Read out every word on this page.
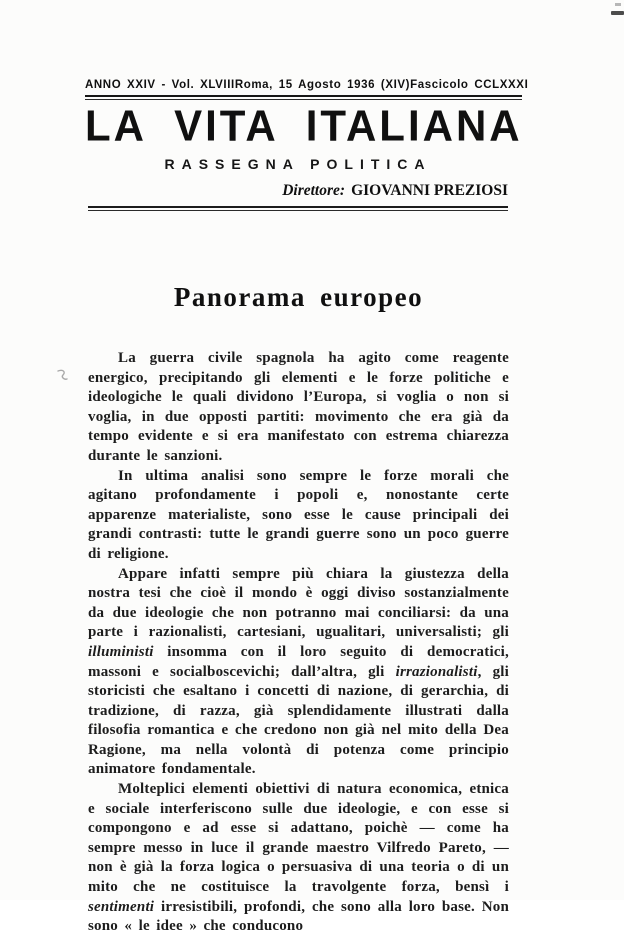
ANNO XXIV - Vol. XLVIII Roma, 15 Agosto 1936 (XIV) Fascicolo CCLXXXI
LA VITA ITALIANA
RASSEGNA POLITICA
Direttore: GIOVANNI PREZIOSI
Panorama europeo

La guerra civile spagnola ha agito come reagente energico, precipitando gli elementi e le forze politiche e ideologiche le quali dividono l’Europa, si voglia o non si voglia, in due opposti partiti: movimento che era già da tempo evidente e si era manifestato con estrema chiarezza durante le sanzioni.

In ultima analisi sono sempre le forze morali che agitano profondamente i popoli e, nonostante certe apparenze materialiste, sono esse le cause principali dei grandi contrasti: tutte le grandi guerre sono un poco guerre di religione.

Appare infatti sempre più chiara la giustezza della nostra tesi che cioè il mondo è oggi diviso sostanzialmente da due ideologie che non potranno mai conciliarsi: da una parte i razionalisti, cartesiani, ugualitari, universalisti; gli illuministi insomma con il loro seguito di democratici, massoni e socialboscevichi; dall’altra, gli irrazionalisti, gli storicisti che esaltano i concetti di nazione, di gerarchia, di tradizione, di razza, già splendidamente illustrati dalla filosofia romantica e che credono non già nel mito della Dea Ragione, ma nella volontà di potenza come principio animatore fondamentale.

Molteplici elementi obiettivi di natura economica, etnica e sociale interferiscono sulle due ideologie, e con esse si compongono e ad esse si adattano, poichè — come ha sempre messo in luce il grande maestro Vilfredo Pareto, — non è già la forza logica o persuasiva di una teoria o di un mito che ne costituisce la travolgente forza, bensì i sentimenti irresistibili, profondi, che sono alla loro base. Non sono « le idee » che conducono
